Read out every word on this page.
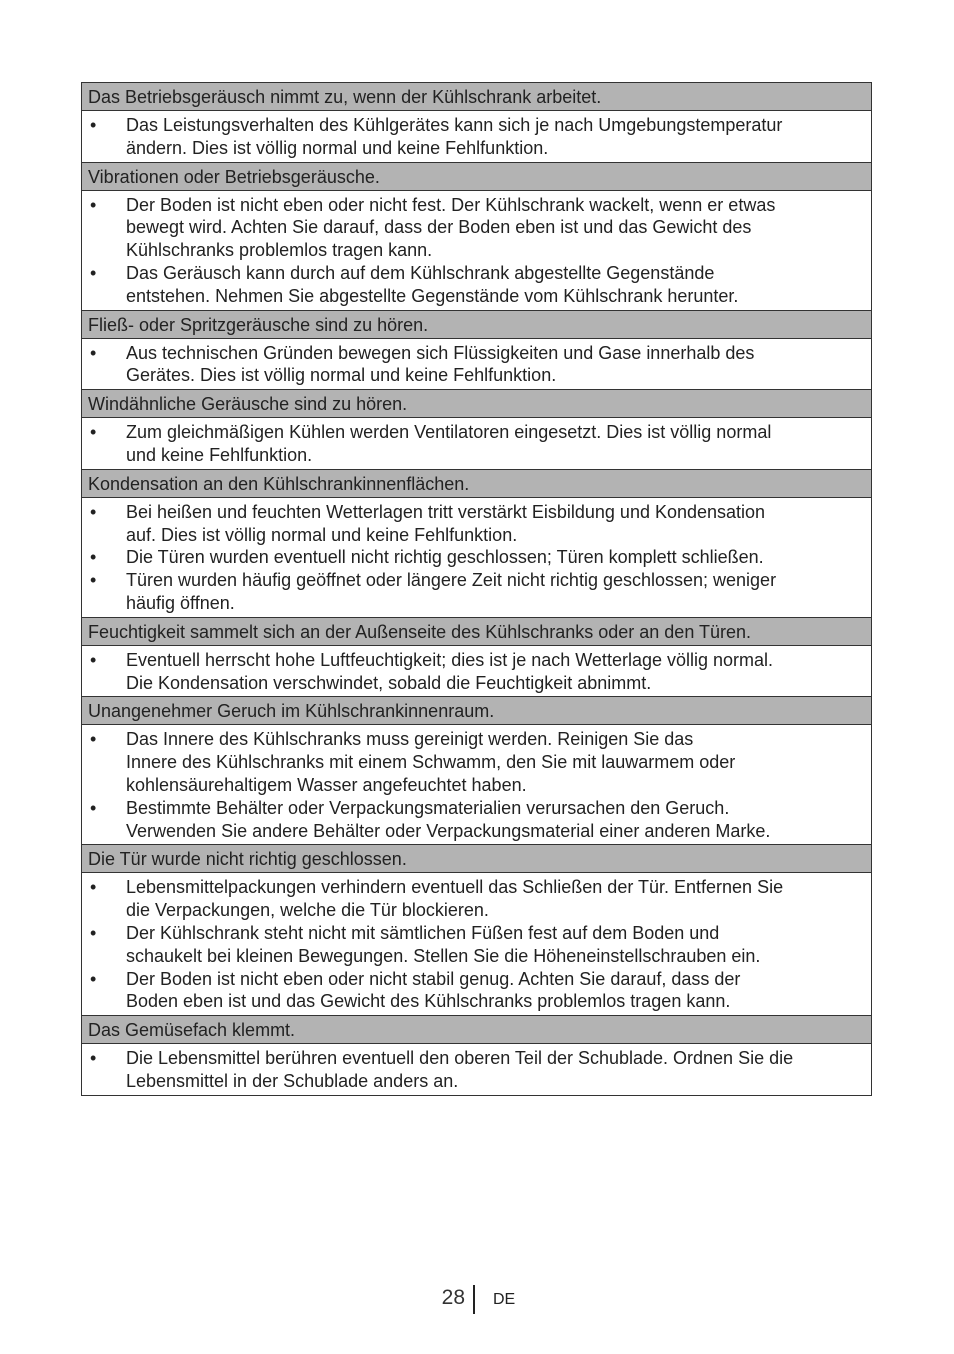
Das Betriebsgeräusch nimmt zu, wenn der Kühlschrank arbeitet.
•	Das Leistungsverhalten des Kühlgerätes kann sich je nach Umgebungstemperatur
ändern. Dies ist völlig normal und keine Fehlfunktion.
Vibrationen oder Betriebsgeräusche.
•	Der Boden ist nicht eben oder nicht fest. Der Kühlschrank wackelt, wenn er etwas
bewegt wird. Achten Sie darauf, dass der Boden eben ist und das Gewicht des
Kühlschranks problemlos tragen kann.
•	Das Geräusch kann durch auf dem Kühlschrank abgestellte Gegenstände
entstehen. Nehmen Sie abgestellte Gegenstände vom Kühlschrank herunter.
Fließ- oder Spritzgeräusche sind zu hören.
•	Aus technischen Gründen bewegen sich Flüssigkeiten und Gase innerhalb des
Gerätes. Dies ist völlig normal und keine Fehlfunktion.
Windähnliche Geräusche sind zu hören.
•	Zum gleichmäßigen Kühlen werden Ventilatoren eingesetzt. Dies ist völlig normal
und keine Fehlfunktion.
Kondensation an den Kühlschrankinnenflächen.
•	Bei heißen und feuchten Wetterlagen tritt verstärkt Eisbildung und Kondensation
auf. Dies ist völlig normal und keine Fehlfunktion.
•	Die Türen wurden eventuell nicht richtig geschlossen; Türen komplett schließen.
•	Türen wurden häufig geöffnet oder längere Zeit nicht richtig geschlossen; weniger
häufig öffnen.
Feuchtigkeit sammelt sich an der Außenseite des Kühlschranks oder an den Türen.
•	Eventuell herrscht hohe Luftfeuchtigkeit; dies ist je nach Wetterlage völlig normal.
Die Kondensation verschwindet, sobald die Feuchtigkeit abnimmt.
Unangenehmer Geruch im Kühlschrankinnenraum.
•	Das Innere des Kühlschranks muss gereinigt werden. Reinigen Sie das
Innere des Kühlschranks mit einem Schwamm, den Sie mit lauwarmem oder
kohlensäurehaltigem Wasser angefeuchtet haben.
•	Bestimmte Behälter oder Verpackungsmaterialien verursachen den Geruch.
Verwenden Sie andere Behälter oder Verpackungsmaterial einer anderen Marke.
Die Tür wurde nicht richtig geschlossen.
•	Lebensmittelpackungen verhindern eventuell das Schließen der Tür. Entfernen Sie
die Verpackungen, welche die Tür blockieren.
•	Der Kühlschrank steht nicht mit sämtlichen Füßen fest auf dem Boden und
schaukelt bei kleinen Bewegungen. Stellen Sie die Höheneinstellschrauben ein.
•	Der Boden ist nicht eben oder nicht stabil genug. Achten Sie darauf, dass der
Boden eben ist und das Gewicht des Kühlschranks problemlos tragen kann.
Das Gemüsefach klemmt.
•	Die Lebensmittel berühren eventuell den oberen Teil der Schublade. Ordnen Sie die
Lebensmittel in der Schublade anders an.
28 DE
